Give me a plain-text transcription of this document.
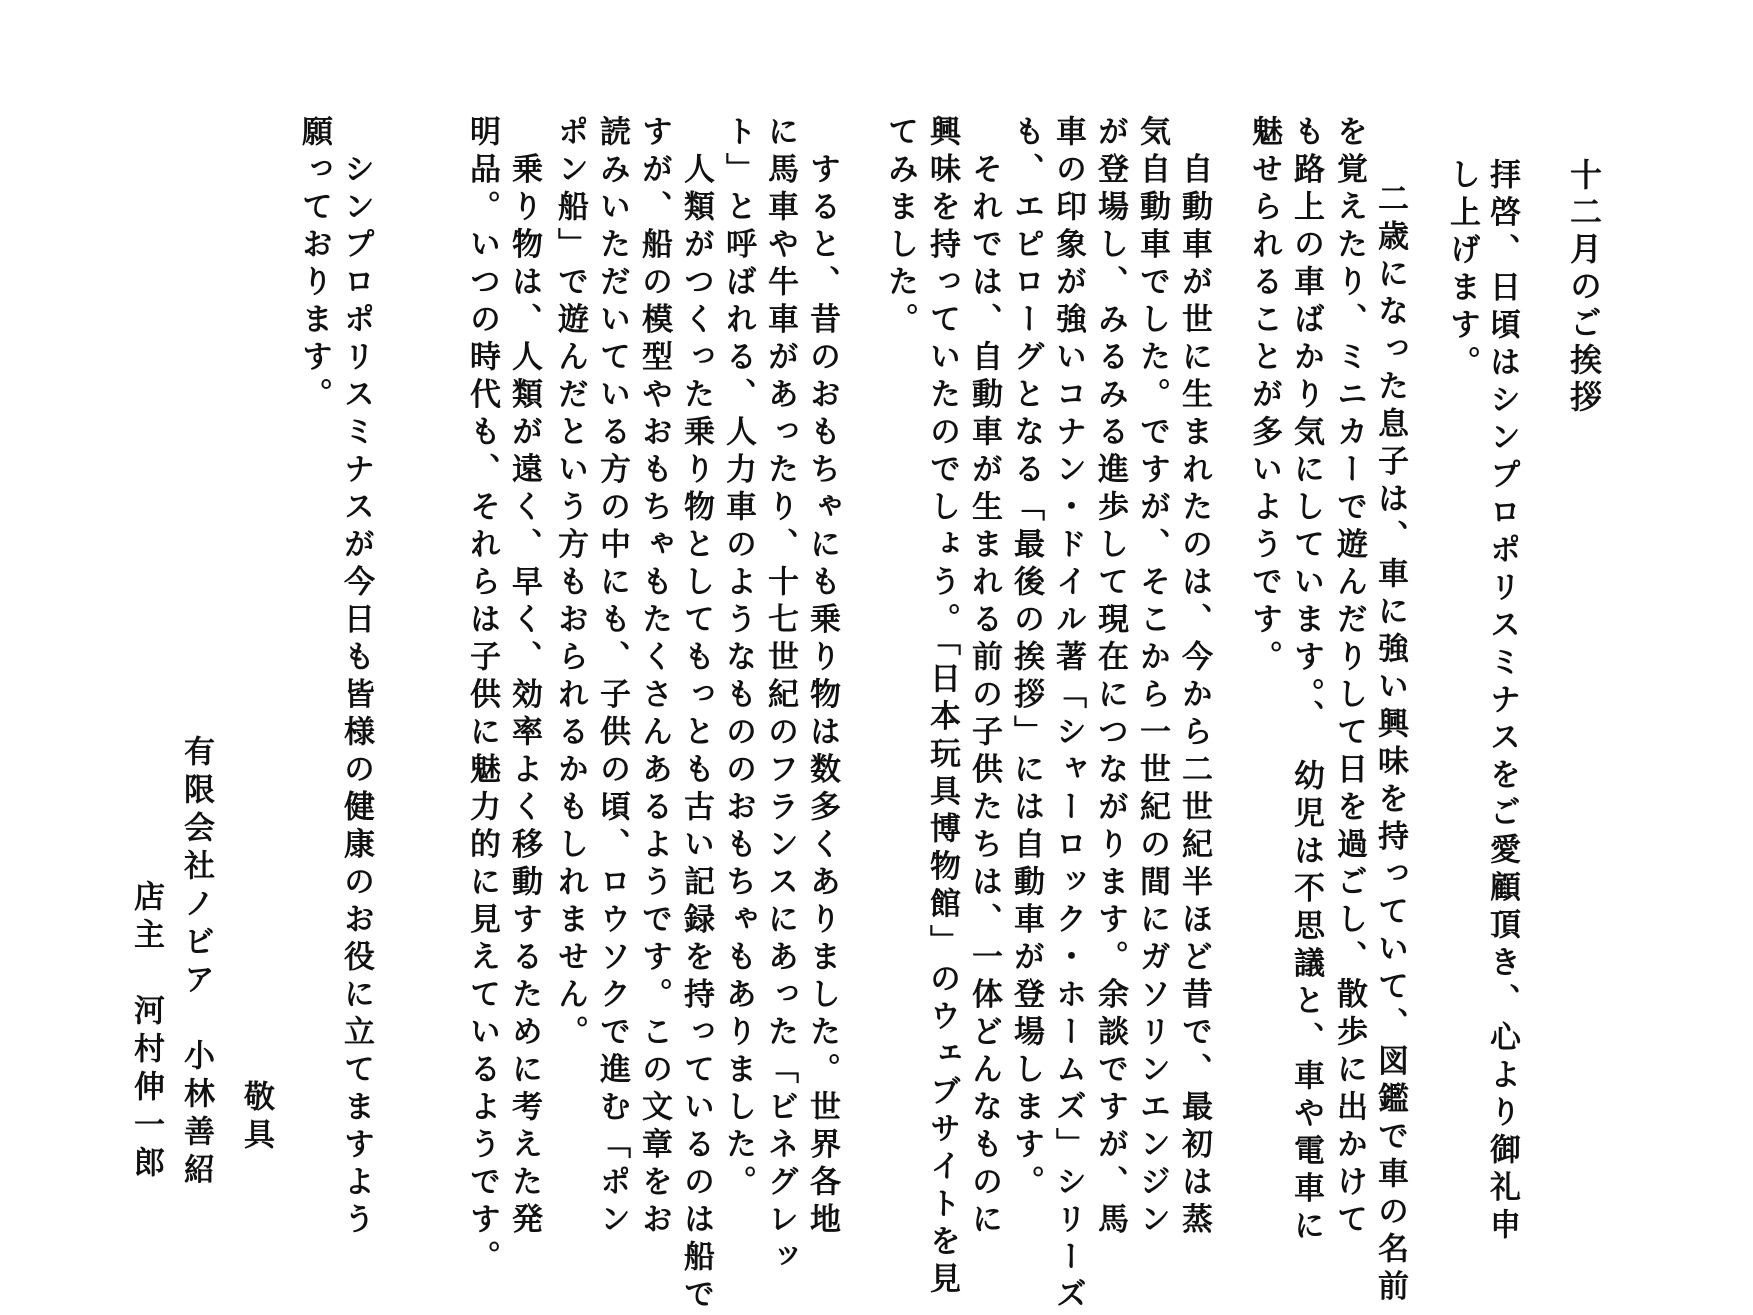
十二月のご挨拶
拝啓、日頃はシンプロポリスミナスをご愛顧頂き、心より御礼申
し上げます。
二歳になった息子は、車に強い興味を持っていて、図鑑で車の名前
を覚えたり、ミニカーで遊んだりして日を過ごし、散歩に出かけて
も路上の車ばかり気にしています。、　幼児は不思議と、車や電車に
魅せられることが多いようです。
　自動車が世に生まれたのは、今から二世紀半ほど昔で、最初は蒸
気自動車でした。ですが、そこから一世紀の間にガソリンエンジン
が登場し、みるみる進歩して現在につながります。余談ですが、馬
車の印象が強いコナン・ドイル著「シャーロック・ホームズ」シリーズ
も、エピローグとなる「最後の挨拶」には自動車が登場します。
　それでは、自動車が生まれる前の子供たちは、一体どんなものに
興味を持っていたのでしょう。「日本玩具博物館」のウェブサイトを見
てみました。
　すると、昔のおもちゃにも乗り物は数多くありました。世界各地
に馬車や牛車があったり、十七世紀のフランスにあった「ビネグレッ
ト」と呼ばれる、人力車のようなもののおもちゃもありました。
　人類がつくった乗り物としてもっとも古い記録を持っているのは船で
すが、船の模型やおもちゃもたくさんあるようです。この文章をお
読みいただいている方の中にも、子供の頃、ロウソクで進む「ポン
ポン船」で遊んだという方もおられるかもしれません。
　乗り物は、人類が遠く、早く、効率よく移動するために考えた発
明品。いつの時代も、それらは子供に魅力的に見えているようです。
　シンプロポリスミナスが今日も皆様の健康のお役に立てますよう
願っております。
敬具
有限会社ノビア　小林善紹
店主　河村伸一郎
